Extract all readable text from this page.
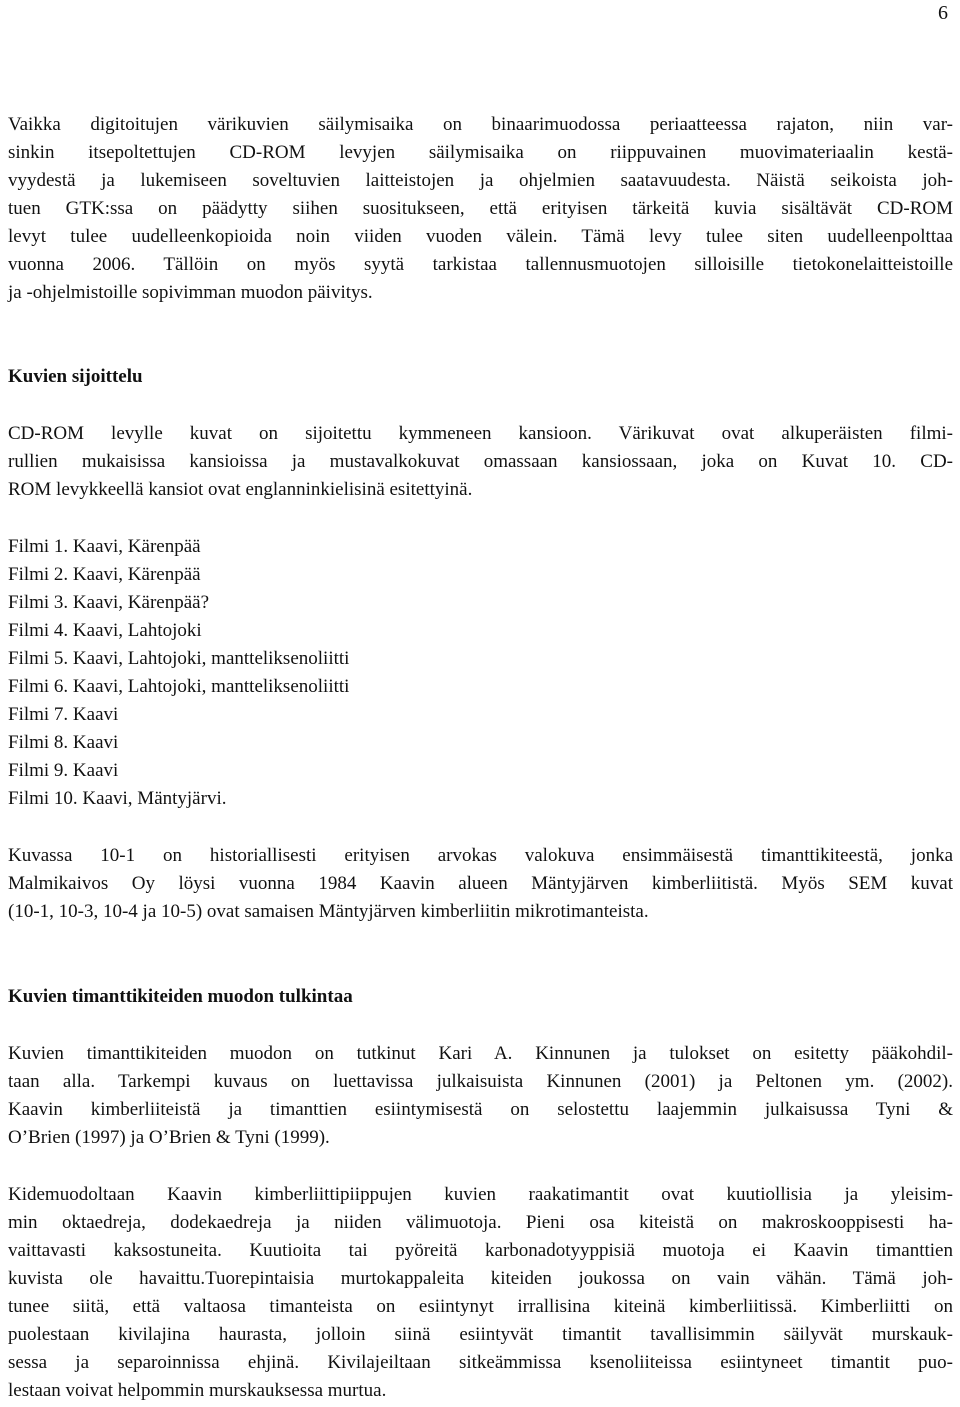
6
Vaikka digitoitujen värikuvien säilymisaika on binaarimuodossa periaatteessa rajaton, niin var-
sinkin itsepoltettujen CD-ROM levyjen säilymisaika on riippuvainen muovimateriaalin kestä-
vyydestä ja lukemiseen soveltuvien laitteistojen ja ohjelmien saatavuudesta. Näistä seikoista joh-
tuen GTK:ssa on päädytty siihen suositukseen, että erityisen tärkeitä kuvia sisältävät CD-ROM
levyt tulee uudelleenkopioida noin viiden vuoden välein. Tämä levy tulee siten uudelleenpolttaa
vuonna 2006. Tällöin on myös syytä tarkistaa tallennusmuotojen silloisille tietokonelaitteistoille
ja -ohjelmistoille sopivimman muodon päivitys.
Kuvien sijoittelu
CD-ROM levylle kuvat on sijoitettu kymmeneen kansioon. Värikuvat ovat alkuperäisten filmi-
rullien mukaisissa kansioissa ja mustavalkokuvat omassaan kansiossaan, joka on Kuvat 10. CD-
ROM levykkeellä kansiot ovat englanninkielisinä esitettyinä.
Filmi 1. Kaavi, Kärenpää
Filmi 2. Kaavi, Kärenpää
Filmi 3. Kaavi, Kärenpää?
Filmi 4. Kaavi, Lahtojoki
Filmi 5. Kaavi, Lahtojoki, mantteliksenoliitti
Filmi 6. Kaavi, Lahtojoki, mantteliksenoliitti
Filmi 7. Kaavi
Filmi 8. Kaavi
Filmi 9. Kaavi
Filmi 10. Kaavi, Mäntyjärvi.
Kuvassa 10-1 on historiallisesti erityisen arvokas valokuva ensimmäisestä timanttikiteestä, jonka
Malmikaivos Oy löysi vuonna 1984 Kaavin alueen Mäntyjärven kimberliitistä. Myös SEM kuvat
(10-1, 10-3, 10-4 ja 10-5) ovat samaisen Mäntyjärven kimberliitin mikrotimanteista.
Kuvien timanttikiteiden muodon tulkintaa
Kuvien timanttikiteiden muodon on tutkinut Kari A. Kinnunen ja tulokset on esitetty pääkohdil-
taan alla. Tarkempi kuvaus on luettavissa julkaisuista Kinnunen (2001) ja Peltonen ym. (2002).
Kaavin kimberliiteistä ja timanttien esiintymisestä on selostettu laajemmin julkaisussa Tyni &
O’Brien (1997) ja O’Brien & Tyni (1999).
Kidemuodoltaan Kaavin kimberliittipiippujen kuvien raakatimantit ovat kuutiollisia ja yleisim-
min oktaedreja, dodekaedreja ja niiden välimuotoja. Pieni osa kiteistä on makroskooppisesti ha-
vaittavasti kaksostuneita. Kuutioita tai pyöreitä karbonadotyyppisiä muotoja ei Kaavin timanttien
kuvista ole havaittu.Tuorepintaisia murtokappaleita kiteiden joukossa on vain vähän. Tämä joh-
tunee siitä, että valtaosa timanteista on esiintynyt irrallisina kiteinä kimberliitissä. Kimberliitti on
puolestaan kivilajina haurasta, jolloin siinä esiintyvät timantit tavallisimmin säilyvät murskauk-
sessa ja separoinnissa ehjinä. Kivilajeiltaan sitkeämmissa ksenoliiteissa esiintyneet timantit puo-
lestaan voivat helpommin murskauksessa murtua.
